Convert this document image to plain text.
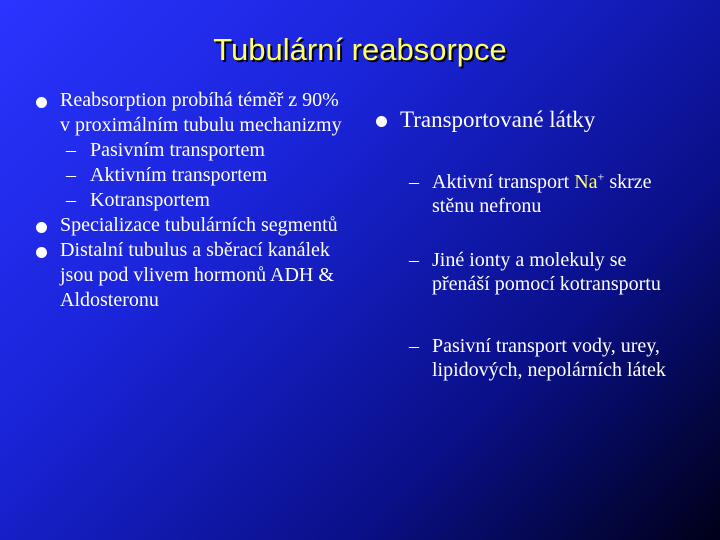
Tubulární reabsorpce
Reabsorption probíhá téměř z 90% v proximálním tubulu mechanizmy
– Pasivním transportem
– Aktivním transportem
– Kotransportem
Specializace tubulárních segmentů
Distalní tubulus a sběrací kanálek jsou pod vlivem hormonů ADH & Aldosteronu
Transportované látky
– Aktivní transport Na+ skrze stěnu nefronu
– Jiné ionty a molekuly se přenáší pomocí kotransportu
– Pasivní transport vody, urey, lipidových, nepolárních látek
